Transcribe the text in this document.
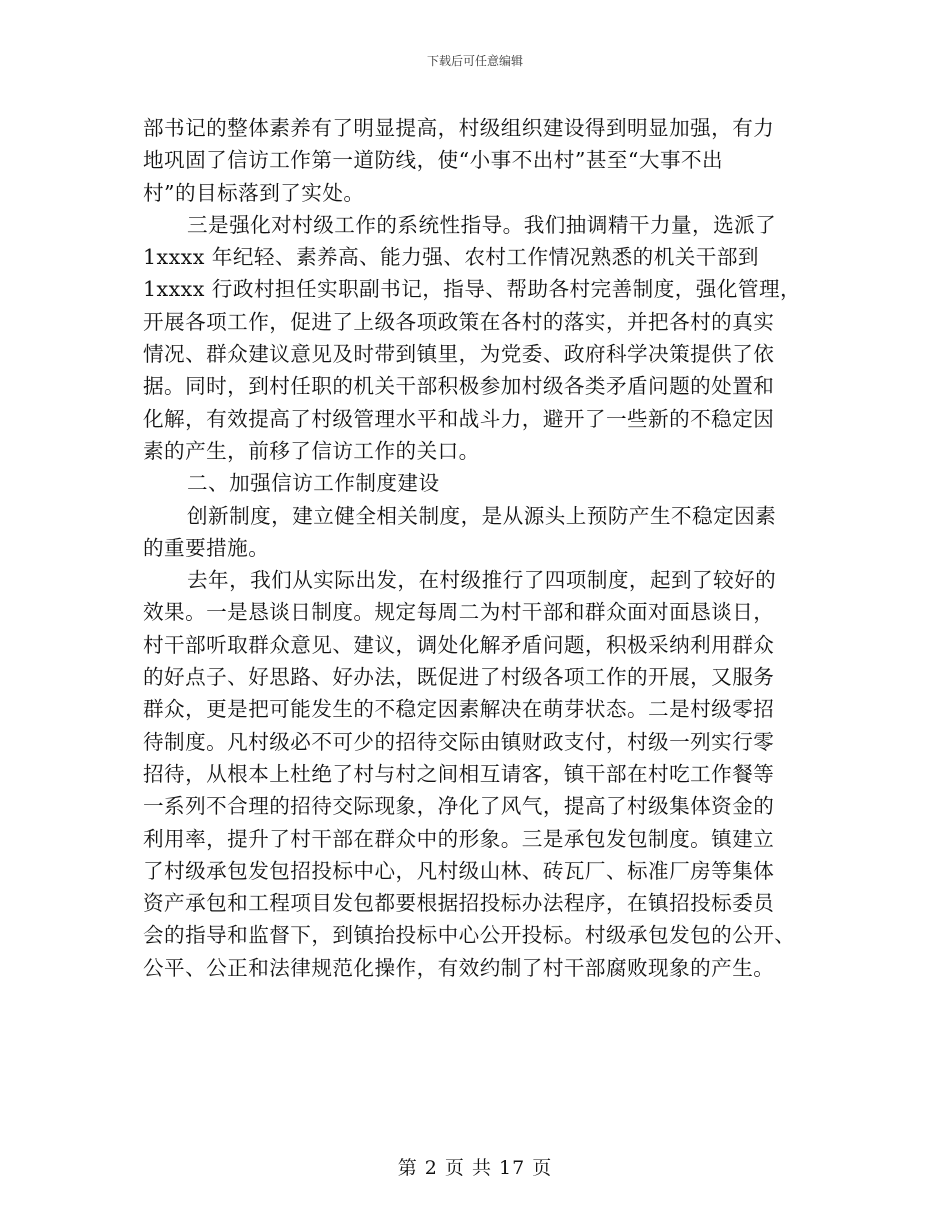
下载后可任意编辑
部书记的整体素养有了明显提高，村级组织建设得到明显加强，有力
地巩固了信访工作第一道防线，使“小事不出村”甚至“大事不出
村”的目标落到了实处。
三是强化对村级工作的系统性指导。我们抽调精干力量，选派了
1xxxx 年纪轻、素养高、能力强、农村工作情况熟悉的机关干部到
1xxxx 行政村担任实职副书记，指导、帮助各村完善制度，强化管理，
开展各项工作，促进了上级各项政策在各村的落实，并把各村的真实
情况、群众建议意见及时带到镇里，为党委、政府科学决策提供了依
据。同时，到村任职的机关干部积极参加村级各类矛盾问题的处置和
化解，有效提高了村级管理水平和战斗力，避开了一些新的不稳定因
素的产生，前移了信访工作的关口。
二、加强信访工作制度建设
创新制度，建立健全相关制度，是从源头上预防产生不稳定因素
的重要措施。
去年，我们从实际出发，在村级推行了四项制度，起到了较好的
效果。一是恳谈日制度。规定每周二为村干部和群众面对面恳谈日，
村干部听取群众意见、建议，调处化解矛盾问题，积极采纳利用群众
的好点子、好思路、好办法，既促进了村级各项工作的开展，又服务
群众，更是把可能发生的不稳定因素解决在萌芽状态。二是村级零招
待制度。凡村级必不可少的招待交际由镇财政支付，村级一列实行零
招待，从根本上杜绝了村与村之间相互请客，镇干部在村吃工作餐等
一系列不合理的招待交际现象，净化了风气，提高了村级集体资金的
利用率，提升了村干部在群众中的形象。三是承包发包制度。镇建立
了村级承包发包招投标中心，凡村级山林、砖瓦厂、标准厂房等集体
资产承包和工程项目发包都要根据招投标办法程序，在镇招投标委员
会的指导和监督下，到镇抬投标中心公开投标。村级承包发包的公开、
公平、公正和法律规范化操作，有效约制了村干部腐败现象的产生。
第 2 页 共 17 页
